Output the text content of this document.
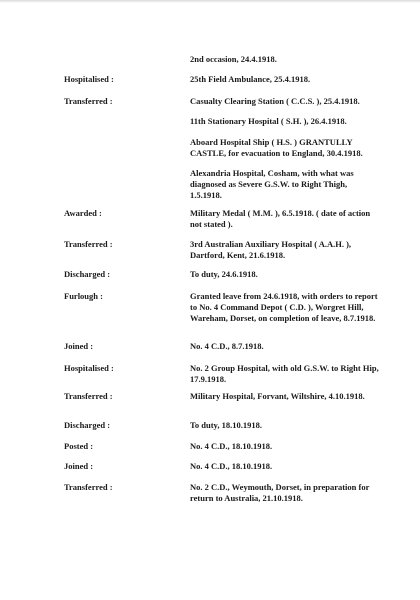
2nd occasion, 24.4.1918.
Hospitalised :	25th Field Ambulance, 25.4.1918.
Transferred :	Casualty Clearing Station ( C.C.S. ), 25.4.1918.
11th Stationary Hospital ( S.H. ), 26.4.1918.
Aboard Hospital Ship ( H.S. ) GRANTULLY CASTLE, for evacuation to England, 30.4.1918.
Alexandria Hospital, Cosham, with what was diagnosed as Severe G.S.W. to Right Thigh, 1.5.1918.
Awarded :	Military Medal ( M.M. ), 6.5.1918. ( date of action not stated ).
Transferred :	3rd Australian Auxiliary Hospital ( A.A.H. ), Dartford, Kent, 21.6.1918.
Discharged :	To duty, 24.6.1918.
Furlough :	Granted leave from 24.6.1918, with orders to report to No. 4 Command Depot ( C.D. ), Worgret Hill, Wareham, Dorset, on completion of leave, 8.7.1918.
Joined :	No. 4 C.D., 8.7.1918.
Hospitalised :	No. 2 Group Hospital, with old G.S.W. to Right Hip, 17.9.1918.
Transferred :	Military Hospital, Forvant, Wiltshire, 4.10.1918.
Discharged :	To duty, 18.10.1918.
Posted :	No. 4 C.D., 18.10.1918.
Joined :	No. 4 C.D., 18.10.1918.
Transferred :	No. 2 C.D., Weymouth, Dorset, in preparation for return to Australia, 21.10.1918.
